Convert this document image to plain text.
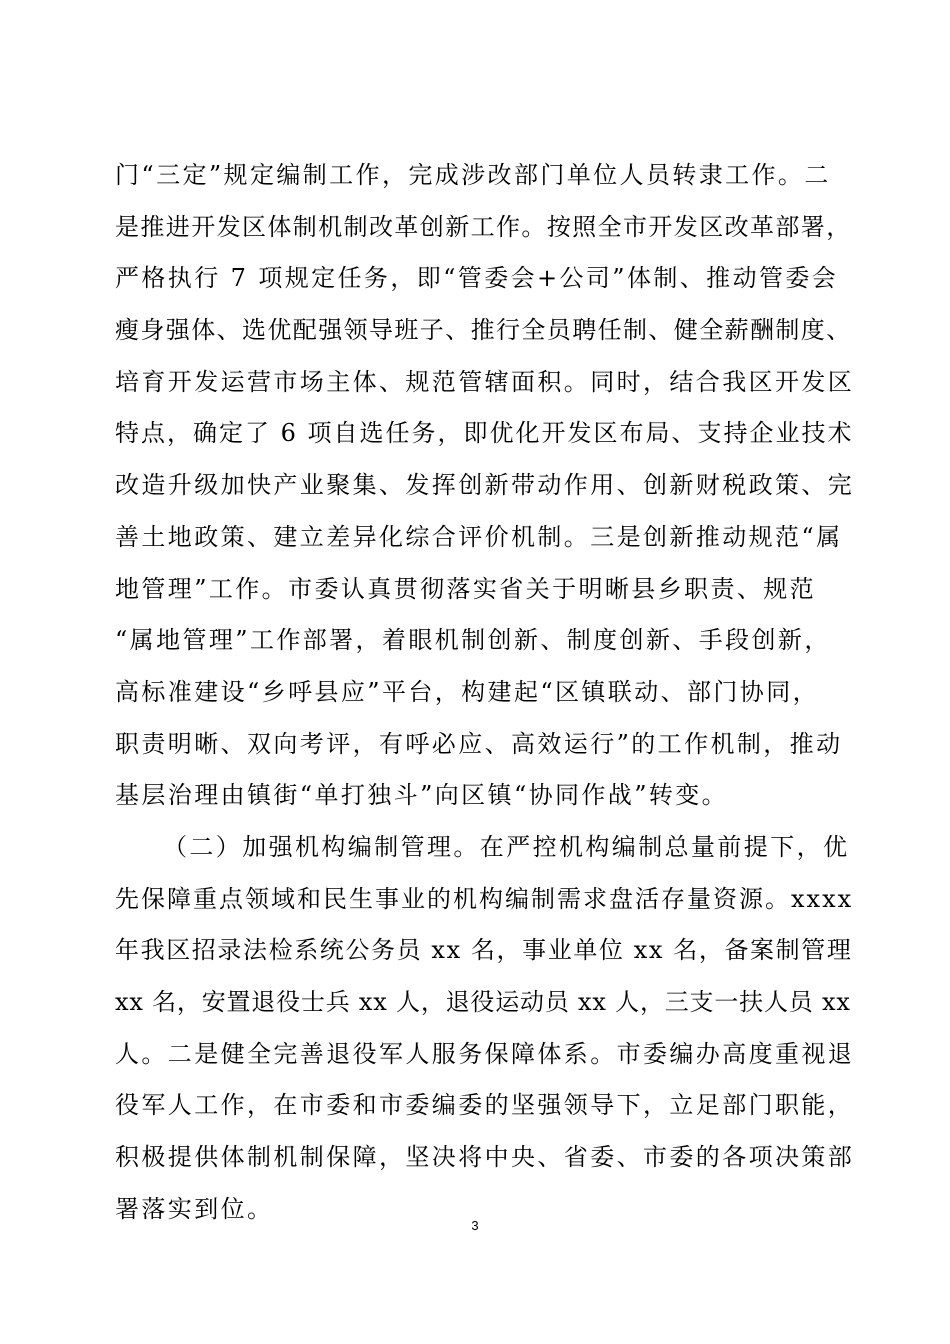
门“三定”规定编制工作，完成涉改部门单位人员转隶工作。二
是推进开发区体制机制改革创新工作。按照全市开发区改革部署，
严格执行 7 项规定任务，即“管委会+公司”体制、推动管委会
瘦身强体、选优配强领导班子、推行全员聘任制、健全薪酬制度、
培育开发运营市场主体、规范管辖面积。同时，结合我区开发区
特点，确定了 6 项自选任务，即优化开发区布局、支持企业技术
改造升级加快产业聚集、发挥创新带动作用、创新财税政策、完
善土地政策、建立差异化综合评价机制。三是创新推动规范“属
地管理”工作。市委认真贯彻落实省关于明晰县乡职责、规范
“属地管理”工作部署，着眼机制创新、制度创新、手段创新，
高标准建设“乡呼县应”平台，构建起“区镇联动、部门协同，
职责明晰、双向考评，有呼必应、高效运行”的工作机制，推动
基层治理由镇街“单打独斗”向区镇“协同作战”转变。
（二）加强机构编制管理。在严控机构编制总量前提下，优
先保障重点领域和民生事业的机构编制需求盘活存量资源。xxxx
年我区招录法检系统公务员 xx 名，事业单位 xx 名，备案制管理
xx 名，安置退役士兵 xx 人，退役运动员 xx 人，三支一扶人员 xx
人。二是健全完善退役军人服务保障体系。市委编办高度重视退
役军人工作，在市委和市委编委的坚强领导下，立足部门职能，
积极提供体制机制保障，坚决将中央、省委、市委的各项决策部
署落实到位。
3
